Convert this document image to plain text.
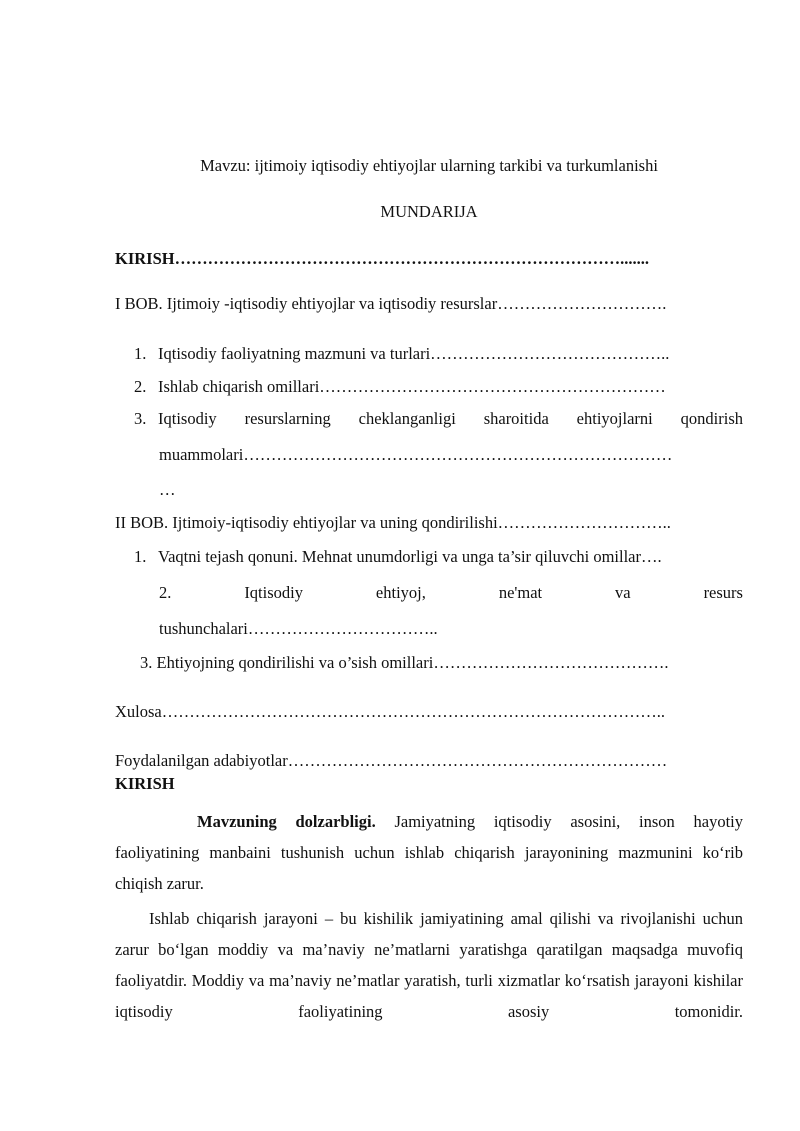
Mavzu: ijtimoiy iqtisodiy ehtiyojlar ularning tarkibi va turkumlanishi
MUNDARIJA
KIRISH……………………………………………………………………….......
I BOB. Ijtimoiy -iqtisodiy ehtiyojlar va iqtisodiy resurslar………………………….
1. Iqtisodiy faoliyatning mazmuni va turlari……………………………………..
2. Ishlab chiqarish omillari………………………………………………………
3. Iqtisodiy resurslarning cheklanganligi sharoitida ehtiyojlarni qondirish
muammolari……………………………………………………………………
…
II BOB. Ijtimoiy-iqtisodiy ehtiyojlar va uning qondirilishi…………………………..
1. Vaqtni tejash qonuni. Mehnat unumdorligi va unga ta’sir qiluvchi omillar….
2.	Iqtisodiy	ehtiyoj,	ne'mat	va	resurs
tushunchalari……………………………..
3. Ehtiyojning qondirilishi va o’sish omillari…………………………………….
Xulosa………………………………………………………………………………..
Foydalanilgan adabiyotlar……………………………………………………………
KIRISH
Mavzuning dolzarbligi. Jamiyatning iqtisodiy asosini, inson hayotiy faoliyatining manbaini tushunish uchun ishlab chiqarish jarayonining mazmunini ko‘rib chiqish zarur.
Ishlab chiqarish jarayoni – bu kishilik jamiyatining amal qilishi va rivojlanishi uchun zarur bo‘lgan moddiy va ma’naviy ne’matlarni yaratishga qaratilgan maqsadga muvofiq faoliyatdir. Moddiy va ma’naviy ne’matlar yaratish, turli xizmatlar ko‘rsatish jarayoni kishilar iqtisodiy faoliyatining asosiy tomonidir.
